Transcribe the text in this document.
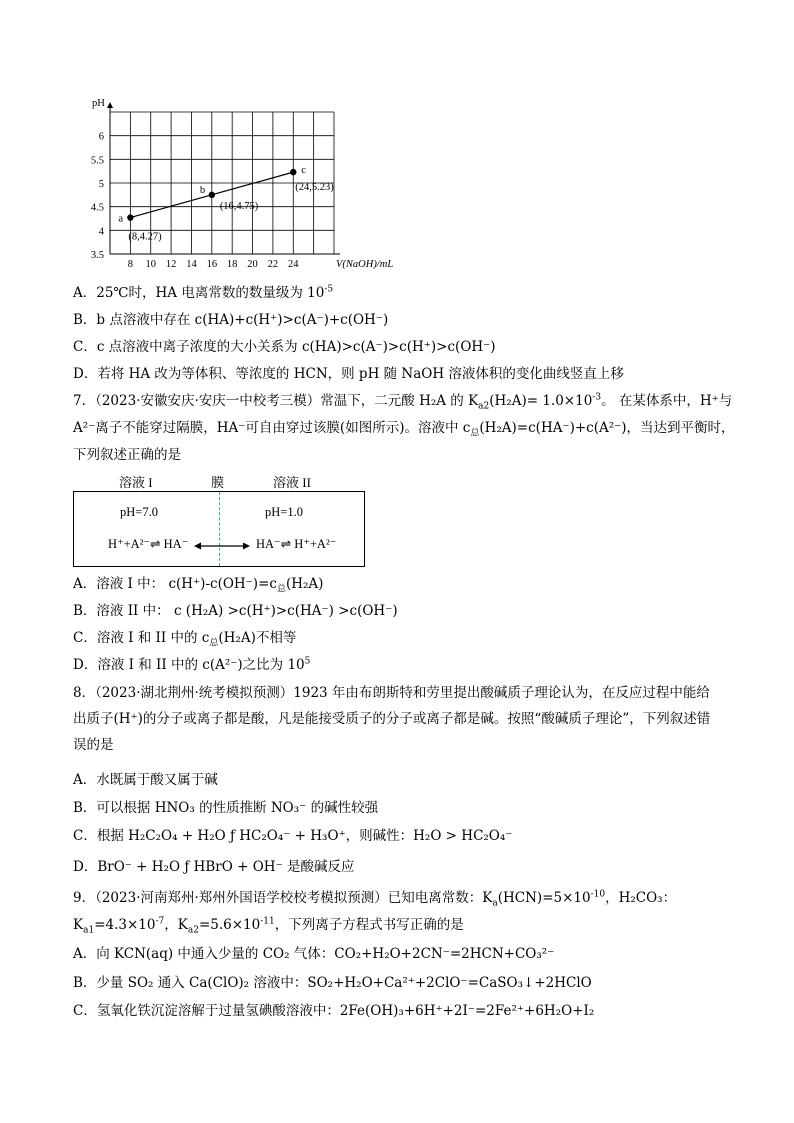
8 10 12 14 16 18 20 22 24
3.5
4
4.5
5
5.5
6
pH
V(NaOH)/mL
a
(8,4.27)
b
(16,4.75)
c
(24,5.23)
A．25℃时，HA 电离常数的数量级为 $10^{-5}$
B．b 点溶液中存在 c(HA)+c(H⁺)>c(A⁻)+c(OH⁻)
C．c 点溶液中离子浓度的大小关系为 c(HA)>c(A⁻)>c(H⁺)>c(OH⁻)
D．若将 HA 改为等体积、等浓度的 HCN，则 pH 随 NaOH 溶液体积的变化曲线竖直上移
7．（2023·安徽安庆·安庆一中校考三模）常温下，二元酸 H₂A 的 $K_{a2}(H_2A)= 1.0\times 10^{-3}$。 在某体系中，H⁺与
A²⁻离子不能穿过隔膜，HA⁻可自由穿过该膜(如图所示)。溶液中 $c_总(H_2A)=c(HA^-)+c(A^{2-})$，当达到平衡时，
下列叙述正确的是
溶液 I	膜	溶液 II
pH=7.0	pH=1.0
H⁺+A²⁻⇌ HA⁻	HA⁻⇌ H⁺+A²⁻
A．溶液 I 中： $c(H^+)-c(OH^-)=c_总(H_2A)$
B．溶液 II 中： c (H₂A) >c(H⁺)>c(HA⁻) >c(OH⁻)
C．溶液 I 和 II 中的 $c_总(H_2A)$不相等
D．溶液 I 和 II 中的 c(A²⁻)之比为 $10^5$
8．（2023·湖北荆州·统考模拟预测）1923 年由布朗斯特和劳里提出酸碱质子理论认为，在反应过程中能给出质子(H⁺)的分子或离子都是酸，凡是能接受质子的分子或离子都是碱。按照“酸碱质子理论”，下列叙述错误的是
A．水既属于酸又属于碱
B．可以根据 HNO₃ 的性质推断 NO₃⁻ 的碱性较强
C．根据 H₂C₂O₄ + H₂O ƒ HC₂O₄⁻ + H₃O⁺，则碱性：H₂O > HC₂O₄⁻
D．BrO⁻ + H₂O ƒ HBrO + OH⁻ 是酸碱反应
9．（2023·河南郑州·郑州外国语学校校考模拟预测）已知电离常数：$K_a(HCN)=5\times 10^{-10}$，H₂CO₃：
$K_{a1}=4.3\times 10^{-7}$，$K_{a2}=5.6\times 10^{-11}$，下列离子方程式书写正确的是
A．向 KCN(aq) 中通入少量的 CO₂ 气体：CO₂+H₂O+2CN⁻=2HCN+CO₃²⁻
B．少量 SO₂ 通入 Ca(ClO)₂ 溶液中：SO₂+H₂O+Ca²⁺+2ClO⁻=CaSO₃↓+2HClO
C．氢氧化铁沉淀溶解于过量氢碘酸溶液中：2Fe(OH)₃+6H⁺+2I⁻=2Fe²⁺+6H₂O+I₂
